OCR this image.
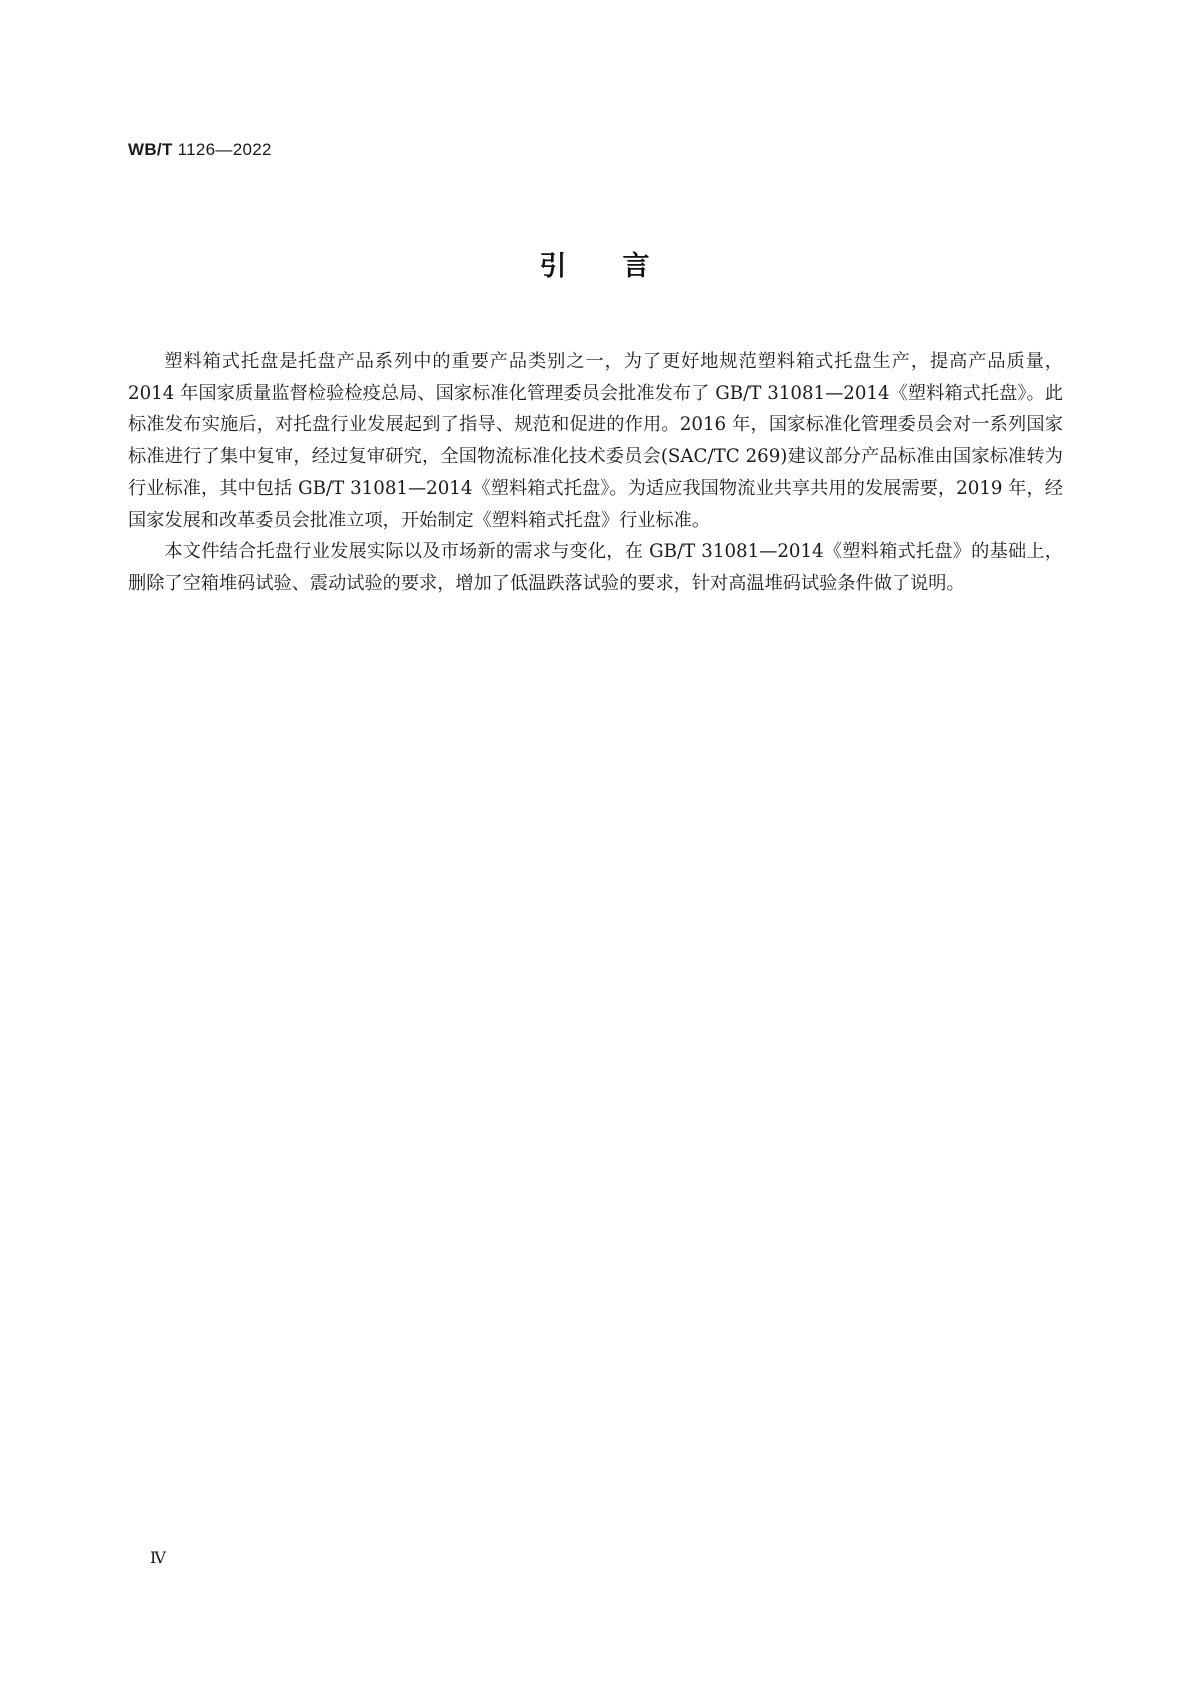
WB/T 1126—2022
引 言

塑料箱式托盘是托盘产品系列中的重要产品类别之一，为了更好地规范塑料箱式托盘生产，提高产品质量，2014 年国家质量监督检验检疫总局、国家标准化管理委员会批准发布了 GB/T 31081—2014《塑料箱式托盘》。此标准发布实施后，对托盘行业发展起到了指导、规范和促进的作用。2016 年，国家标准化管理委员会对一系列国家标准进行了集中复审，经过复审研究，全国物流标准化技术委员会(SAC/TC 269)建议部分产品标准由国家标准转为行业标准，其中包括 GB/T 31081—2014《塑料箱式托盘》。为适应我国物流业共享共用的发展需要，2019 年，经国家发展和改革委员会批准立项，开始制定《塑料箱式托盘》行业标准。

本文件结合托盘行业发展实际以及市场新的需求与变化，在 GB/T 31081—2014《塑料箱式托盘》的基础上，删除了空箱堆码试验、震动试验的要求，增加了低温跌落试验的要求，针对高温堆码试验条件做了说明。

Ⅳ
